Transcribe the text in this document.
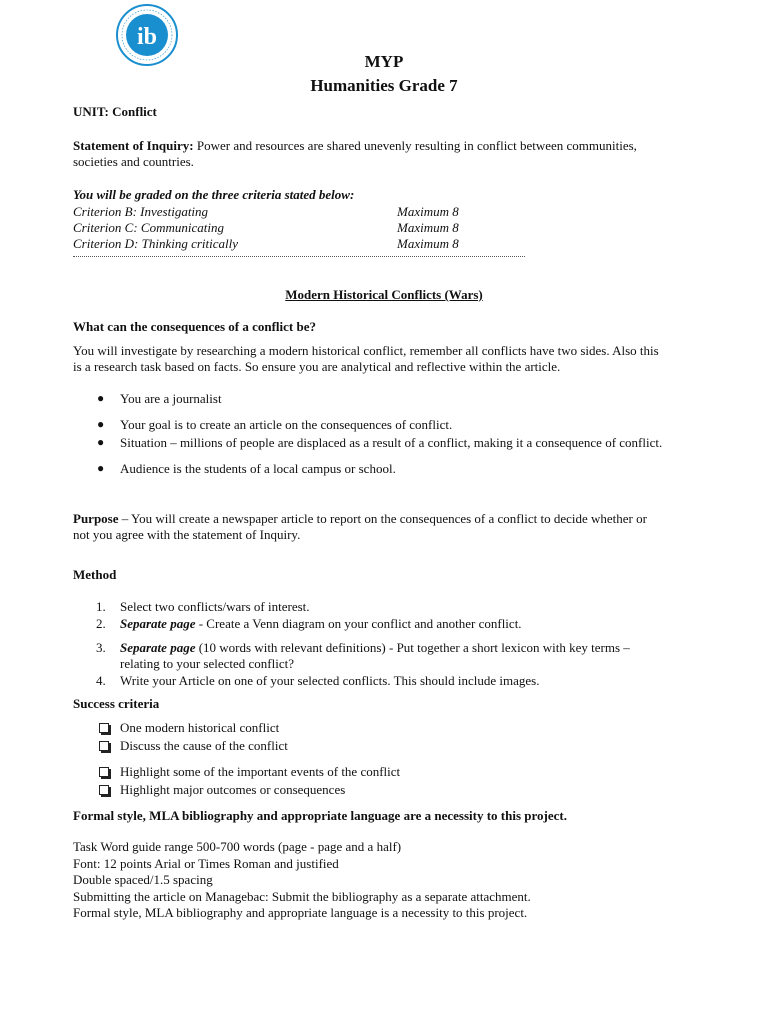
ib
MYP
Humanities Grade 7
UNIT: Conflict
Statement of Inquiry: Power and resources are shared unevenly resulting in conflict between communities,
societies and countries.
You will be graded on the three criteria stated below:
Criterion B: Investigating	Maximum 8
Criterion C: Communicating	Maximum 8
Criterion D: Thinking critically	Maximum 8
Modern Historical Conflicts (Wars)
What can the consequences of a conflict be?
You will investigate by researching a modern historical conflict, remember all conflicts have two sides. Also this
is a research task based on facts. So ensure you are analytical and reflective within the article.
● You are a journalist
● Your goal is to create an article on the consequences of conflict.
● Situation – millions of people are displaced as a result of a conflict, making it a consequence of conflict.
● Audience is the students of a local campus or school.
Purpose – You will create a newspaper article to report on the consequences of a conflict to decide whether or
not you agree with the statement of Inquiry.
Method
1. Select two conflicts/wars of interest.
2. Separate page - Create a Venn diagram on your conflict and another conflict.
3. Separate page (10 words with relevant definitions) - Put together a short lexicon with key terms –
relating to your selected conflict?
4. Write your Article on one of your selected conflicts. This should include images.
Success criteria
One modern historical conflict
Discuss the cause of the conflict
Highlight some of the important events of the conflict
Highlight major outcomes or consequences
Formal style, MLA bibliography and appropriate language are a necessity to this project.
Task Word guide range 500-700 words (page - page and a half)
Font: 12 points Arial or Times Roman and justified
Double spaced/1.5 spacing
Submitting the article on Managebac: Submit the bibliography as a separate attachment.
Formal style, MLA bibliography and appropriate language is a necessity to this project.
